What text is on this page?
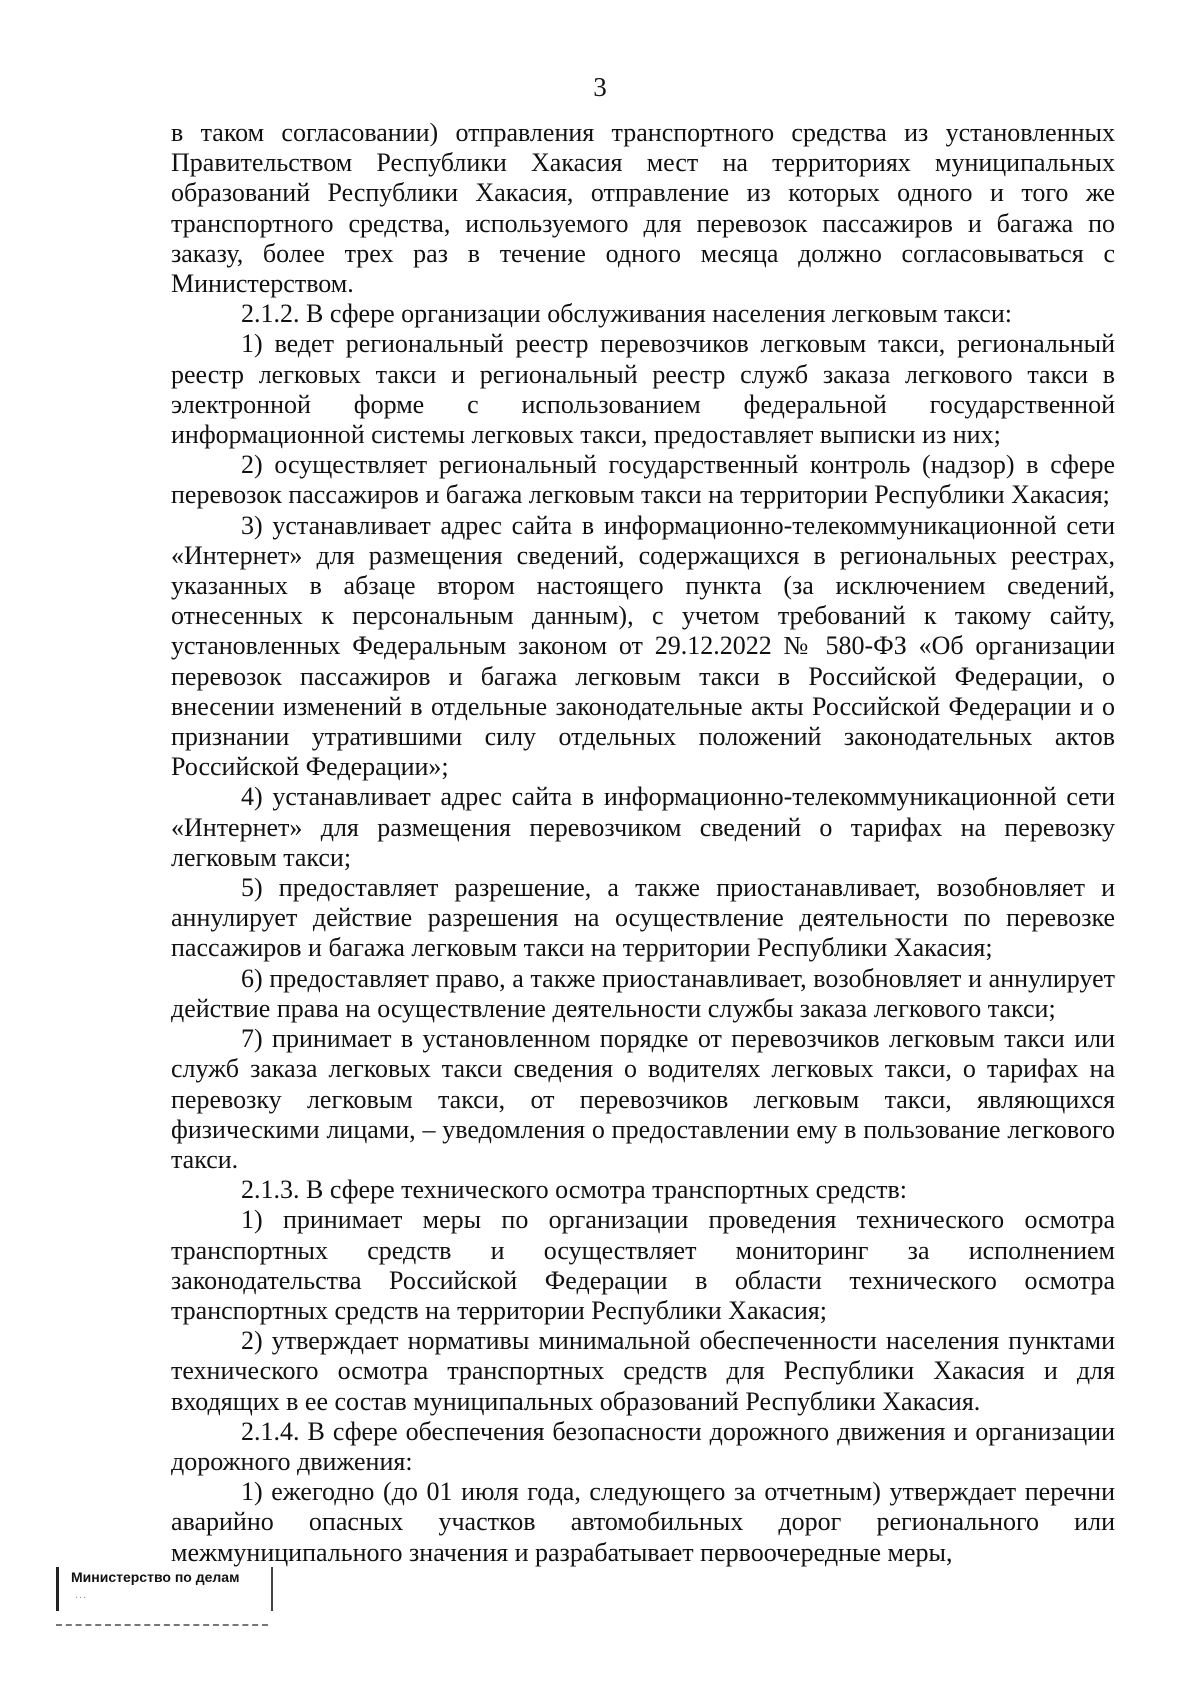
3

в таком согласовании) отправления транспортного средства из установленных Правительством Республики Хакасия мест на территориях муниципальных образований Республики Хакасия, отправление из которых одного и того же транспортного средства, используемого для перевозок пассажиров и багажа по заказу, более трех раз в течение одного месяца должно согласовываться с Министерством.

2.1.2. В сфере организации обслуживания населения легковым такси:

1) ведет региональный реестр перевозчиков легковым такси, региональный реестр легковых такси и региональный реестр служб заказа легкового такси в электронной форме с использованием федеральной государственной информационной системы легковых такси, предоставляет выписки из них;

2) осуществляет региональный государственный контроль (надзор) в сфере перевозок пассажиров и багажа легковым такси на территории Республики Хакасия;

3) устанавливает адрес сайта в информационно-телекоммуникационной сети «Интернет» для размещения сведений, содержащихся в региональных реестрах, указанных в абзаце втором настоящего пункта (за исключением сведений, отнесенных к персональным данным), с учетом требований к такому сайту, установленных Федеральным законом от 29.12.2022 № 580-ФЗ «Об организации перевозок пассажиров и багажа легковым такси в Российской Федерации, о внесении изменений в отдельные законодательные акты Российской Федерации и о признании утратившими силу отдельных положений законодательных актов Российской Федерации»;

4) устанавливает адрес сайта в информационно-телекоммуникационной сети «Интернет» для размещения перевозчиком сведений о тарифах на перевозку легковым такси;

5) предоставляет разрешение, а также приостанавливает, возобновляет и аннулирует действие разрешения на осуществление деятельности по перевозке пассажиров и багажа легковым такси на территории Республики Хакасия;

6) предоставляет право, а также приостанавливает, возобновляет и аннулирует действие права на осуществление деятельности службы заказа легкового такси;

7) принимает в установленном порядке от перевозчиков легковым такси или служб заказа легковых такси сведения о водителях легковых такси, о тарифах на перевозку легковым такси, от перевозчиков легковым такси, являющихся физическими лицами, – уведомления о предоставлении ему в пользование легкового такси.

2.1.3. В сфере технического осмотра транспортных средств:

1) принимает меры по организации проведения технического осмотра транспортных средств и осуществляет мониторинг за исполнением законодательства Российской Федерации в области технического осмотра транспортных средств на территории Республики Хакасия;

2) утверждает нормативы минимальной обеспеченности населения пунктами технического осмотра транспортных средств для Республики Хакасия и для входящих в ее состав муниципальных образований Республики Хакасия.

2.1.4. В сфере обеспечения безопасности дорожного движения и организации дорожного движения:

1) ежегодно (до 01 июля года, следующего за отчетным) утверждает перечни аварийно опасных участков автомобильных дорог регионального или межмуниципального значения и разрабатывает первоочередные меры,

Министерство по делам
...
